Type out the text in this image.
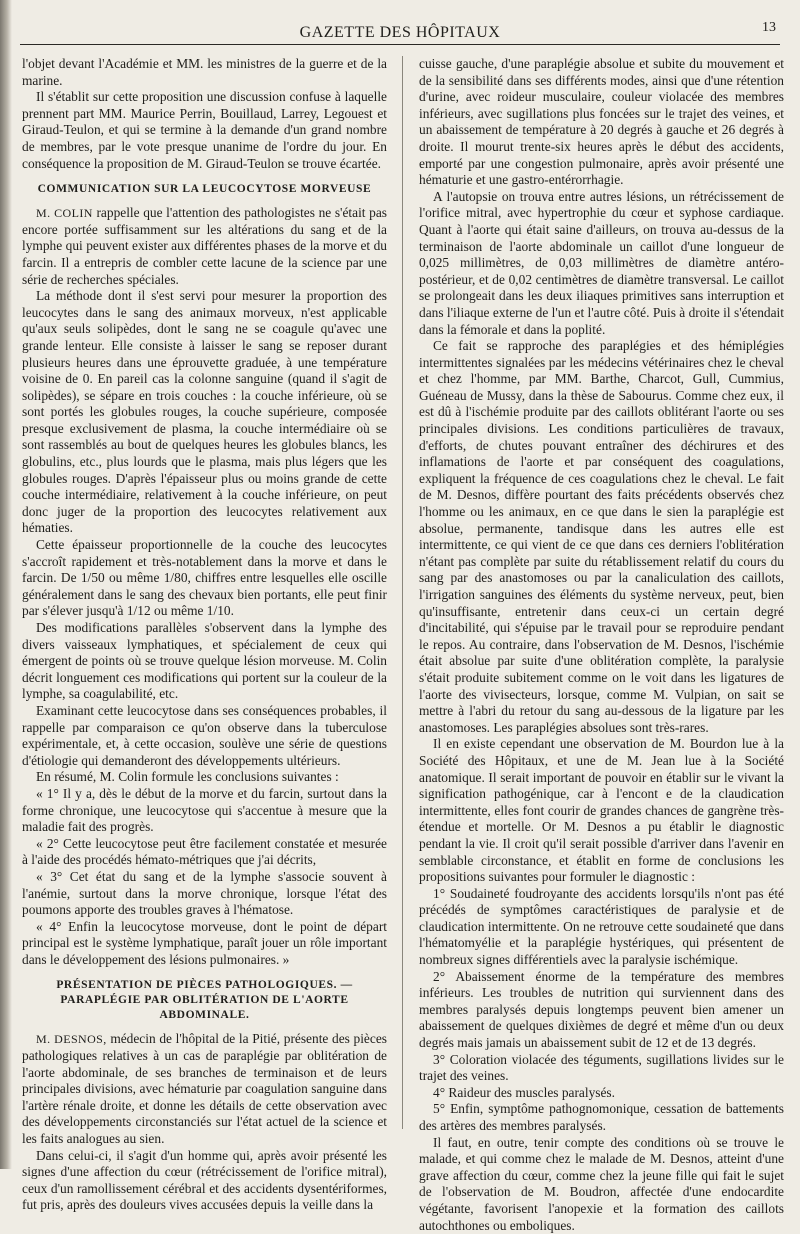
GAZETTE DES HÔPITAUX	13

l'objet devant l'Académie et MM. les ministres de la guerre et de la marine.

Il s'établit sur cette proposition une discussion confuse à laquelle prennent part MM. Maurice Perrin, Bouillaud, Larrey, Legouest et Giraud-Teulon, et qui se termine à la demande d'un grand nombre de membres, par le vote presque unanime de l'ordre du jour. En conséquence la proposition de M. Giraud-Teulon se trouve écartée.

COMMUNICATION SUR LA LEUCOCYTOSE MORVEUSE

M. COLIN rappelle que l'attention des pathologistes ne s'était pas encore portée suffisamment sur les altérations du sang et de la lymphe qui peuvent exister aux différentes phases de la morve et du farcin. Il a entrepris de combler cette lacune de la science par une série de recherches spéciales.

La méthode dont il s'est servi pour mesurer la proportion des leucocytes dans le sang des animaux morveux, n'est applicable qu'aux seuls solipèdes, dont le sang ne se coagule qu'avec une grande lenteur. Elle consiste à laisser le sang se reposer durant plusieurs heures dans une éprouvette graduée, à une température voisine de 0. En pareil cas la colonne sanguine (quand il s'agit de solipèdes), se sépare en trois couches : la couche inférieure, où se sont portés les globules rouges, la couche supérieure, composée presque exclusivement de plasma, la couche intermédiaire où se sont rassemblés au bout de quelques heures les globules blancs, les globulins, etc., plus lourds que le plasma, mais plus légers que les globules rouges. D'après l'épaisseur plus ou moins grande de cette couche intermédiaire, relativement à la couche inférieure, on peut donc juger de la proportion des leucocytes relativement aux hématies.

Cette épaisseur proportionnelle de la couche des leucocytes s'accroît rapidement et très-notablement dans la morve et dans le farcin. De 1/50 ou même 1/80, chiffres entre lesquelles elle oscille généralement dans le sang des chevaux bien portants, elle peut finir par s'élever jusqu'à 1/12 ou même 1/10.

Des modifications parallèles s'observent dans la lymphe des divers vaisseaux lymphatiques, et spécialement de ceux qui émergent de points où se trouve quelque lésion morveuse. M. Colin décrit longuement ces modifications qui portent sur la couleur de la lymphe, sa coagulabilité, etc.

Examinant cette leucocytose dans ses conséquences probables, il rappelle par comparaison ce qu'on observe dans la tuberculose expérimentale, et, à cette occasion, soulève une série de questions d'étiologie qui demanderont des développements ultérieurs.

En résumé, M. Colin formule les conclusions suivantes :

« 1° Il y a, dès le début de la morve et du farcin, surtout dans la forme chronique, une leucocytose qui s'accentue à mesure que la maladie fait des progrès.

« 2° Cette leucocytose peut être facilement constatée et mesurée à l'aide des procédés hémato-métriques que j'ai décrits,

« 3° Cet état du sang et de la lymphe s'associe souvent à l'anémie, surtout dans la morve chronique, lorsque l'état des poumons apporte des troubles graves à l'hématose.

« 4° Enfin la leucocytose morveuse, dont le point de départ principal est le système lymphatique, paraît jouer un rôle important dans le développement des lésions pulmonaires. »

PRÉSENTATION DE PIÈCES PATHOLOGIQUES. — PARAPLÉGIE PAR OBLITÉRATION DE L'AORTE ABDOMINALE.

M. DESNOS, médecin de l'hôpital de la Pitié, présente des pièces pathologiques relatives à un cas de paraplégie par oblitération de l'aorte abdominale, de ses branches de terminaison et de leurs principales divisions, avec hématurie par coagulation sanguine dans l'artère rénale droite, et donne les détails de cette observation avec des développements circonstanciés sur l'état actuel de la science et les faits analogues au sien.

Dans celui-ci, il s'agit d'un homme qui, après avoir présenté les signes d'une affection du cœur (rétrécissement de l'orifice mitral), ceux d'un ramollissement cérébral et des accidents dysentériformes, fut pris, après des douleurs vives accusées depuis la veille dans la

cuisse gauche, d'une paraplégie absolue et subite du mouvement et de la sensibilité dans ses différents modes, ainsi que d'une rétention d'urine, avec roideur musculaire, couleur violacée des membres inférieurs, avec sugillations plus foncées sur le trajet des veines, et un abaissement de température à 20 degrés à gauche et 26 degrés à droite. Il mourut trente-six heures après le début des accidents, emporté par une congestion pulmonaire, après avoir présenté une hématurie et une gastro-entérorrhagie.

A l'autopsie on trouva entre autres lésions, un rétrécissement de l'orifice mitral, avec hypertrophie du cœur et syphose cardiaque. Quant à l'aorte qui était saine d'ailleurs, on trouva au-dessus de la terminaison de l'aorte abdominale un caillot d'une longueur de 0,025 millimètres, de 0,03 millimètres de diamètre antéro-postérieur, et de 0,02 centimètres de diamètre transversal. Le caillot se prolongeait dans les deux iliaques primitives sans interruption et dans l'iliaque externe de l'un et l'autre côté. Puis à droite il s'étendait dans la fémorale et dans la poplité.

Ce fait se rapproche des paraplégies et des hémiplégies intermittentes signalées par les médecins vétérinaires chez le cheval et chez l'homme, par MM. Barthe, Charcot, Gull, Cummius, Guéneau de Mussy, dans la thèse de Sabourus. Comme chez eux, il est dû à l'ischémie produite par des caillots oblitérant l'aorte ou ses principales divisions. Les conditions particulières de travaux, d'efforts, de chutes pouvant entraîner des déchirures et des inflamations de l'aorte et par conséquent des coagulations, expliquent la fréquence de ces coagulations chez le cheval. Le fait de M. Desnos, diffère pourtant des faits précédents observés chez l'homme ou les animaux, en ce que dans le sien la paraplégie est absolue, permanente, tandisque dans les autres elle est intermittente, ce qui vient de ce que dans ces derniers l'oblitération n'étant pas complète par suite du rétablissement relatif du cours du sang par des anastomoses ou par la canaliculation des caillots, l'irrigation sanguines des éléments du système nerveux, peut, bien qu'insuffisante, entretenir dans ceux-ci un certain degré d'incitabilité, qui s'épuise par le travail pour se reproduire pendant le repos. Au contraire, dans l'observation de M. Desnos, l'ischémie était absolue par suite d'une oblitération complète, la paralysie s'était produite subitement comme on le voit dans les ligatures de l'aorte des vivisecteurs, lorsque, comme M. Vulpian, on sait se mettre à l'abri du retour du sang au-dessous de la ligature par les anastomoses. Les paraplégies absolues sont très-rares.

Il en existe cependant une observation de M. Bourdon lue à la Société des Hôpitaux, et une de M. Jean lue à la Société anatomique. Il serait important de pouvoir en établir sur le vivant la signification pathogénique, car à l'encont e de la claudication intermittente, elles font courir de grandes chances de gangrène très-étendue et mortelle. Or M. Desnos a pu établir le diagnostic pendant la vie. Il croit qu'il serait possible d'arriver dans l'avenir en semblable circonstance, et établit en forme de conclusions les propositions suivantes pour formuler le diagnostic :

1° Soudaineté foudroyante des accidents lorsqu'ils n'ont pas été précédés de symptômes caractéristiques de paralysie et de claudication intermittente. On ne retrouve cette soudaineté que dans l'hématomyélie et la paraplégie hystériques, qui présentent de nombreux signes différentiels avec la paralysie ischémique.

2° Abaissement énorme de la température des membres inférieurs. Les troubles de nutrition qui surviennent dans des membres paralysés depuis longtemps peuvent bien amener un abaissement de quelques dixièmes de degré et même d'un ou deux degrés mais jamais un abaissement subit de 12 et de 13 degrés.

3° Coloration violacée des téguments, sugillations livides sur le trajet des veines.

4° Raideur des muscles paralysés.

5° Enfin, symptôme pathognomonique, cessation de battements des artères des membres paralysés.

Il faut, en outre, tenir compte des conditions où se trouve le malade, et qui comme chez le malade de M. Desnos, atteint d'une grave affection du cœur, comme chez la jeune fille qui fait le sujet de l'observation de M. Boudron, affectée d'une endocardite végétante, favorisent l'anopexie et la formation des caillots autochthones ou emboliques.
